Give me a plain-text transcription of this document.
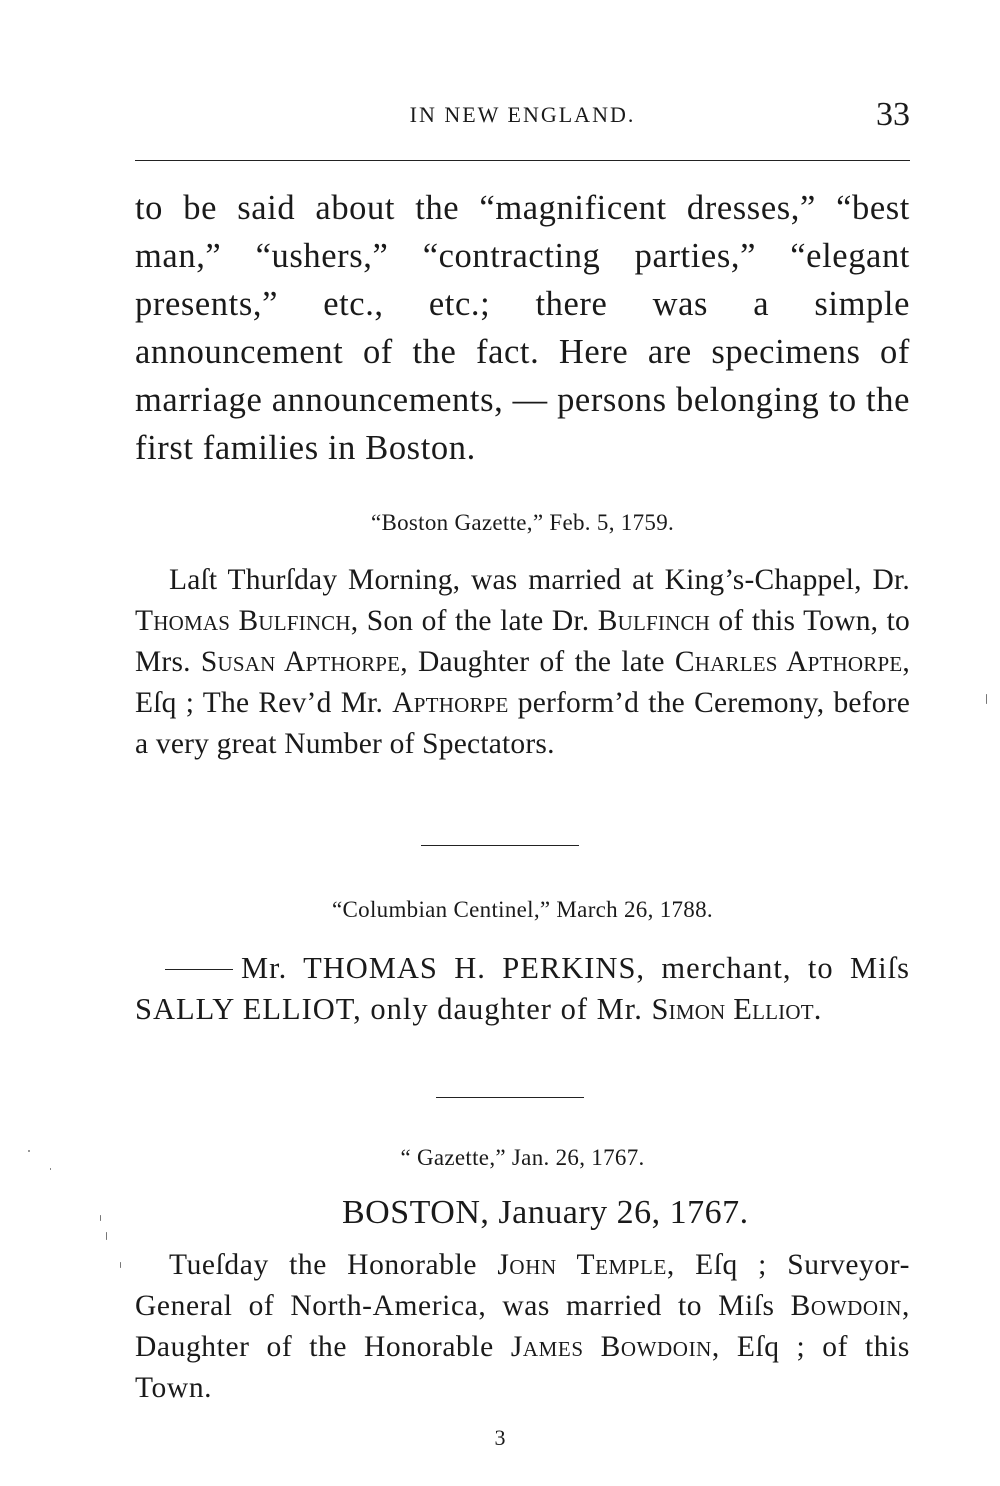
IN NEW ENGLAND.	33

to be said about the “magnificent dresses,” “best man,” “ushers,” “contracting parties,” “elegant presents,” etc., etc.; there was a simple announcement of the fact. Here are specimens of marriage announcements, — persons belonging to the first families in Boston.

“Boston Gazette,” Feb. 5, 1759.

Laſt Thurſday Morning, was married at King’s-Chappel, Dr. Thomas Bulfinch, Son of the late Dr. Bulfinch of this Town, to Mrs. Susan Apthorpe, Daughter of the late Charles Apthorpe, Eſq ; The Rev’d Mr. Apthorpe perform’d the Ceremony, before a very great Number of Spectators.

“Columbian Centinel,” March 26, 1788.

Mr. THOMAS H. PERKINS, merchant, to Miſs SALLY ELLIOT, only daughter of Mr. Simon Elliot.

“ Gazette,” Jan. 26, 1767.
BOSTON, January 26, 1767.

Tueſday the Honorable John Temple, Eſq ; Surveyor-General of North-America, was married to Miſs Bowdoin, Daughter of the Honorable James Bowdoin, Eſq ; of this Town.

3
